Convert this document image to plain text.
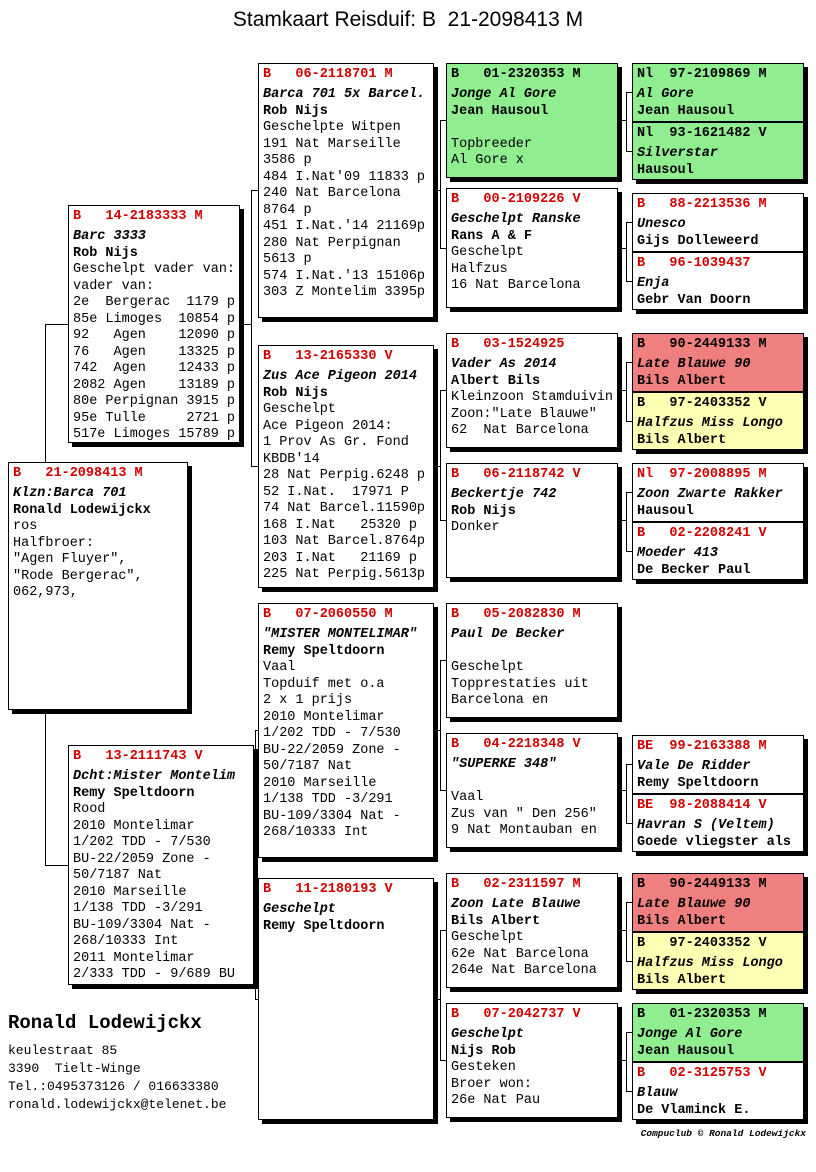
Stamkaart Reisduif: B  21-2098413 M
B   14-2183333 M
Barc 3333
Rob Nijs
Geschelpt vader van:
vader van:
2e  Bergerac  1179 p
85e Limoges  10854 p
92   Agen    12090 p
76   Agen    13325 p
742  Agen    12433 p
2082 Agen    13189 p
80e Perpignan 3915 p
95e Tulle     2721 p
517e Limoges 15789 p
B   21-2098413 M
Klzn:Barca 701
Ronald Lodewijckx
ros
Halfbroer:
"Agen Fluyer",
"Rode Bergerac",
062,973,
B   13-2111743 V
Dcht:Mister Montelim
Remy Speltdoorn
Rood
2010 Montelimar
1/202 TDD - 7/530
BU-22/2059 Zone -
50/7187 Nat
2010 Marseille
1/138 TDD -3/291
BU-109/3304 Nat -
268/10333 Int
2011 Montelimar
2/333 TDD - 9/689 BU
B   06-2118701 M
Barca 701 5x Barcel.
Rob Nijs
Geschelpte Witpen
191 Nat Marseille
3586 p
484 I.Nat'09 11833 p
240 Nat Barcelona
8764 p
451 I.Nat.'14 21169p
280 Nat Perpignan
5613 p
574 I.Nat.'13 15106p
303 Z Montelim 3395p
B   13-2165330 V
Zus Ace Pigeon 2014
Rob Nijs
Geschelpt
Ace Pigeon 2014:
1 Prov As Gr. Fond
KBDB'14
28 Nat Perpig.6248 p
52 I.Nat.  17971 P
74 Nat Barcel.11590p
168 I.Nat   25320 p
103 Nat Barcel.8764p
203 I.Nat   21169 p
225 Nat Perpig.5613p
B   07-2060550 M
"MISTER MONTELIMAR"
Remy Speltdoorn
Vaal
Topduif met o.a
2 x 1 prijs
2010 Montelimar
1/202 TDD - 7/530
BU-22/2059 Zone -
50/7187 Nat
2010 Marseille
1/138 TDD -3/291
BU-109/3304 Nat -
268/10333 Int
B   11-2180193 V
Geschelpt
Remy Speltdoorn
B   01-2320353 M
Jonge Al Gore
Jean Hausoul
Topbreeder
Al Gore x
B   00-2109226 V
Geschelpt Ranske
Rans A & F
Geschelpt
Halfzus
16 Nat Barcelona
B   03-1524925
Vader As 2014
Albert Bils
Kleinzoon Stamduivin
Zoon:"Late Blauwe"
62  Nat Barcelona
B   06-2118742 V
Beckertje 742
Rob Nijs
Donker
B   05-2082830 M
Paul De Becker
Geschelpt
Topprestaties uit
Barcelona en
B   04-2218348 V
"SUPERKE 348"
Vaal
Zus van " Den 256"
9 Nat Montauban en
B   02-2311597 M
Zoon Late Blauwe
Bils Albert
Geschelpt
62e Nat Barcelona
264e Nat Barcelona
B   07-2042737 V
Geschelpt
Nijs Rob
Gesteken
Broer won:
26e Nat Pau
Nl  97-2109869 M
Al Gore
Jean Hausoul
Nl  93-1621482 V
Silverstar
Hausoul
B   88-2213536 M
Unesco
Gijs Dolleweerd
B   96-1039437
Enja
Gebr Van Doorn
B   90-2449133 M
Late Blauwe 90
Bils Albert
B   97-2403352 V
Halfzus Miss Longo
Bils Albert
Nl  97-2008895 M
Zoon Zwarte Rakker
Hausoul
B   02-2208241 V
Moeder 413
De Becker Paul
BE  99-2163388 M
Vale De Ridder
Remy Speltdoorn
BE  98-2088414 V
Havran S (Veltem)
Goede vliegster als
B   90-2449133 M
Late Blauwe 90
Bils Albert
B   97-2403352 V
Halfzus Miss Longo
Bils Albert
B   01-2320353 M
Jonge Al Gore
Jean Hausoul
B   02-3125753 V
Blauw
De Vlaminck E.
Ronald Lodewijckx
keulestraat 85
3390  Tielt-Winge
Tel.:0495373126 / 016633380
ronald.lodewijckx@telenet.be
Compuclub © Ronald Lodewijckx
